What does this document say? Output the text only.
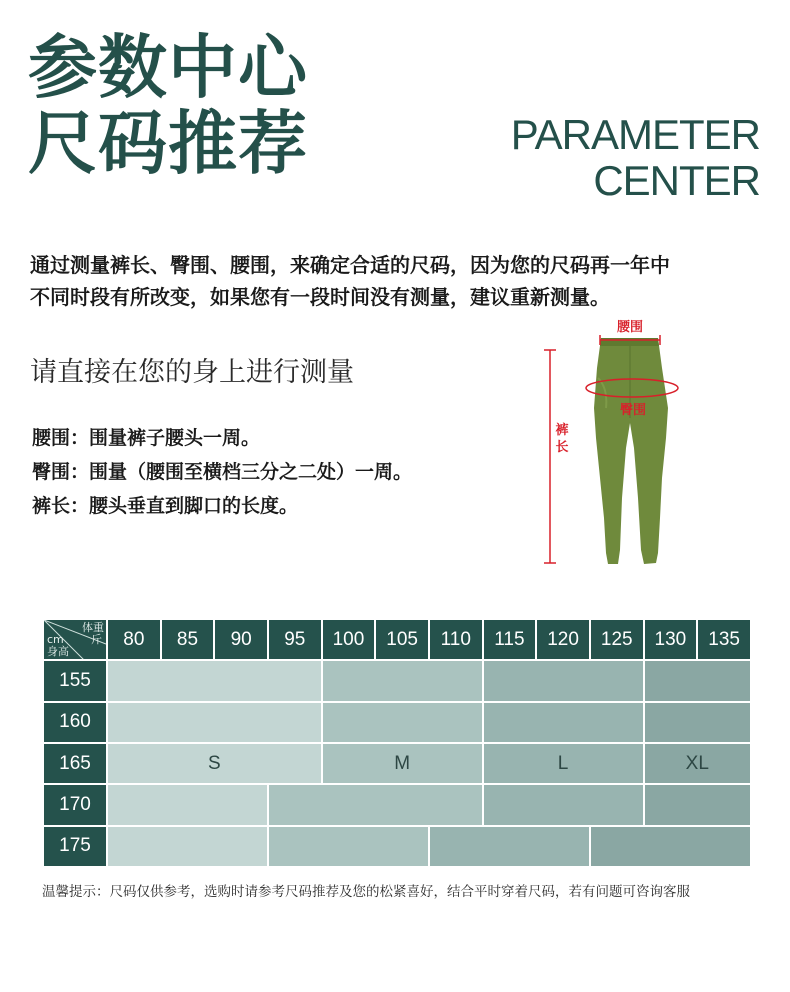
参数中心
尺码推荐	PARAMETER
CENTER
通过测量裤长、臀围、腰围，来确定合适的尺码，因为您的尺码再一年中
不同时段有所改变，如果您有一段时间没有测量，建议重新测量。
请直接在您的身上进行测量
腰围：围量裤子腰头一周。
臀围：围量（腰围至横档三分之二处）一周。
裤长：腰头垂直到脚口的长度。
腰围
臀围
裤
长
体重
斤
cm
身高	80	85	90	95	100	105	110	115	120	125	130	135
155												
160												
165	S				M			L			XL	
170												
175												
温馨提示：尺码仅供参考，选购时请参考尺码推荐及您的松紧喜好，结合平时穿着尺码，若有问题可咨询客服
